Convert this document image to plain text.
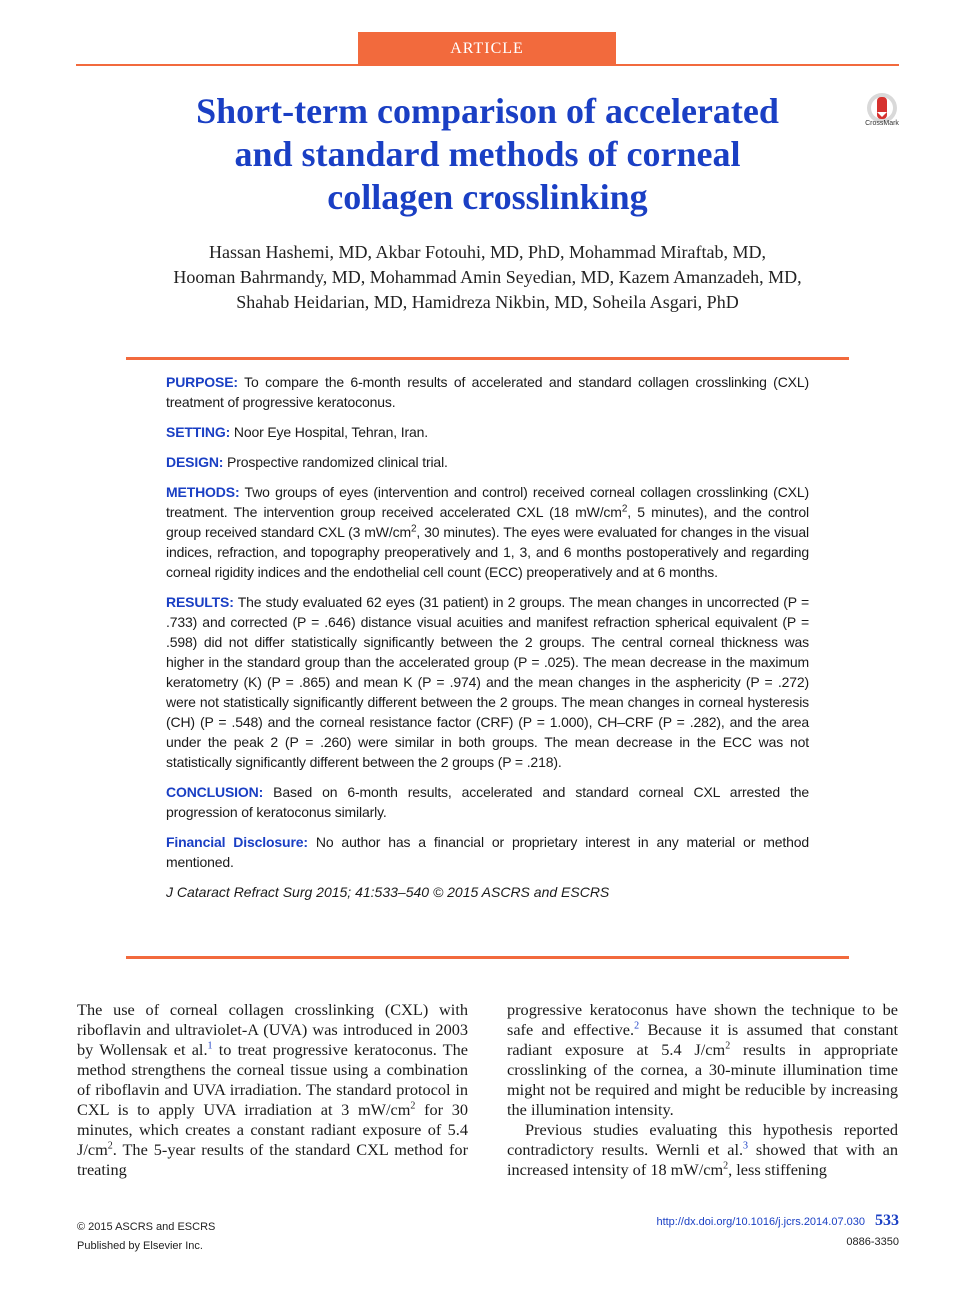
ARTICLE
Short-term comparison of accelerated
and standard methods of corneal
collagen crosslinking
CrossMark
Hassan Hashemi, MD, Akbar Fotouhi, MD, PhD, Mohammad Miraftab, MD,
Hooman Bahrmandy, MD, Mohammad Amin Seyedian, MD, Kazem Amanzadeh, MD,
Shahab Heidarian, MD, Hamidreza Nikbin, MD, Soheila Asgari, PhD

PURPOSE: To compare the 6-month results of accelerated and standard collagen crosslinking (CXL) treatment of progressive keratoconus.

SETTING: Noor Eye Hospital, Tehran, Iran.

DESIGN: Prospective randomized clinical trial.

METHODS: Two groups of eyes (intervention and control) received corneal collagen crosslinking (CXL) treatment. The intervention group received accelerated CXL (18 $mW/cm^2$, 5 minutes), and the control group received standard CXL (3 $mW/cm^2$, 30 minutes). The eyes were evaluated for changes in the visual indices, refraction, and topography preoperatively and 1, 3, and 6 months postoperatively and regarding corneal rigidity indices and the endothelial cell count (ECC) preoperatively and at 6 months.

RESULTS: The study evaluated 62 eyes (31 patient) in 2 groups. The mean changes in uncorrected (P = .733) and corrected (P = .646) distance visual acuities and manifest refraction spherical equivalent (P = .598) did not differ statistically significantly between the 2 groups. The central corneal thickness was higher in the standard group than the accelerated group (P = .025). The mean decrease in the maximum keratometry (K) (P = .865) and mean K (P = .974) and the mean changes in the asphericity (P = .272) were not statistically significantly different between the 2 groups. The mean changes in corneal hysteresis (CH) (P = .548) and the corneal resistance factor (CRF) (P = 1.000), CH–CRF (P = .282), and the area under the peak 2 (P = .260) were similar in both groups. The mean decrease in the ECC was not statistically significantly different between the 2 groups (P = .218).

CONCLUSION: Based on 6-month results, accelerated and standard corneal CXL arrested the progression of keratoconus similarly.

Financial Disclosure: No author has a financial or proprietary interest in any material or method mentioned.

J Cataract Refract Surg 2015; 41:533–540 © 2015 ASCRS and ESCRS

The use of corneal collagen crosslinking (CXL) with riboflavin and ultraviolet-A (UVA) was introduced in 2003 by Wollensak et al.$^1$ to treat progressive keratoconus. The method strengthens the corneal tissue using a combination of riboflavin and UVA irradiation. The standard protocol in CXL is to apply UVA irradiation at 3 $mW/cm^2$ for 30 minutes, which creates a constant radiant exposure of 5.4 $J/cm^2$. The 5-year results of the standard CXL method for treating

progressive keratoconus have shown the technique to be safe and effective.$^2$ Because it is assumed that constant radiant exposure at 5.4 $J/cm^2$ results in appropriate crosslinking of the cornea, a 30-minute illumination time might not be required and might be reducible by increasing the illumination intensity.

Previous studies evaluating this hypothesis reported contradictory results. Wernli et al.$^3$ showed that with an increased intensity of 18 $mW/cm^2$, less stiffening

© 2015 ASCRS and ESCRS
Published by Elsevier Inc.
http://dx.doi.org/10.1016/j.jcrs.2014.07.030 533
0886-3350
